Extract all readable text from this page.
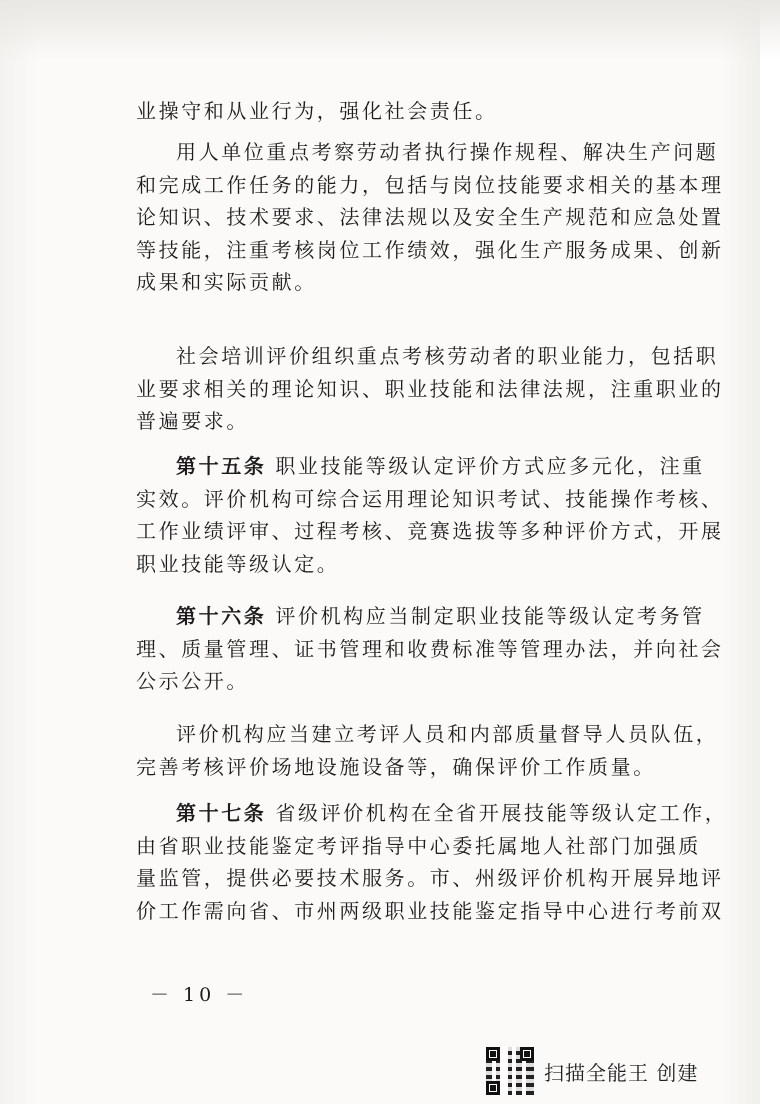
业操守和从业行为，强化社会责任。

用人单位重点考察劳动者执行操作规程、解决生产问题
和完成工作任务的能力，包括与岗位技能要求相关的基本理
论知识、技术要求、法律法规以及安全生产规范和应急处置
等技能，注重考核岗位工作绩效，强化生产服务成果、创新
成果和实际贡献。

社会培训评价组织重点考核劳动者的职业能力，包括职
业要求相关的理论知识、职业技能和法律法规，注重职业的
普遍要求。

第十五条 职业技能等级认定评价方式应多元化，注重
实效。评价机构可综合运用理论知识考试、技能操作考核、
工作业绩评审、过程考核、竞赛选拔等多种评价方式，开展
职业技能等级认定。

第十六条 评价机构应当制定职业技能等级认定考务管
理、质量管理、证书管理和收费标准等管理办法，并向社会
公示公开。

评价机构应当建立考评人员和内部质量督导人员队伍，
完善考核评价场地设施设备等，确保评价工作质量。

第十七条 省级评价机构在全省开展技能等级认定工作，
由省职业技能鉴定考评指导中心委托属地人社部门加强质
量监管，提供必要技术服务。市、州级评价机构开展异地评
价工作需向省、市州两级职业技能鉴定指导中心进行考前双

－ 10 －
扫描全能王 创建
